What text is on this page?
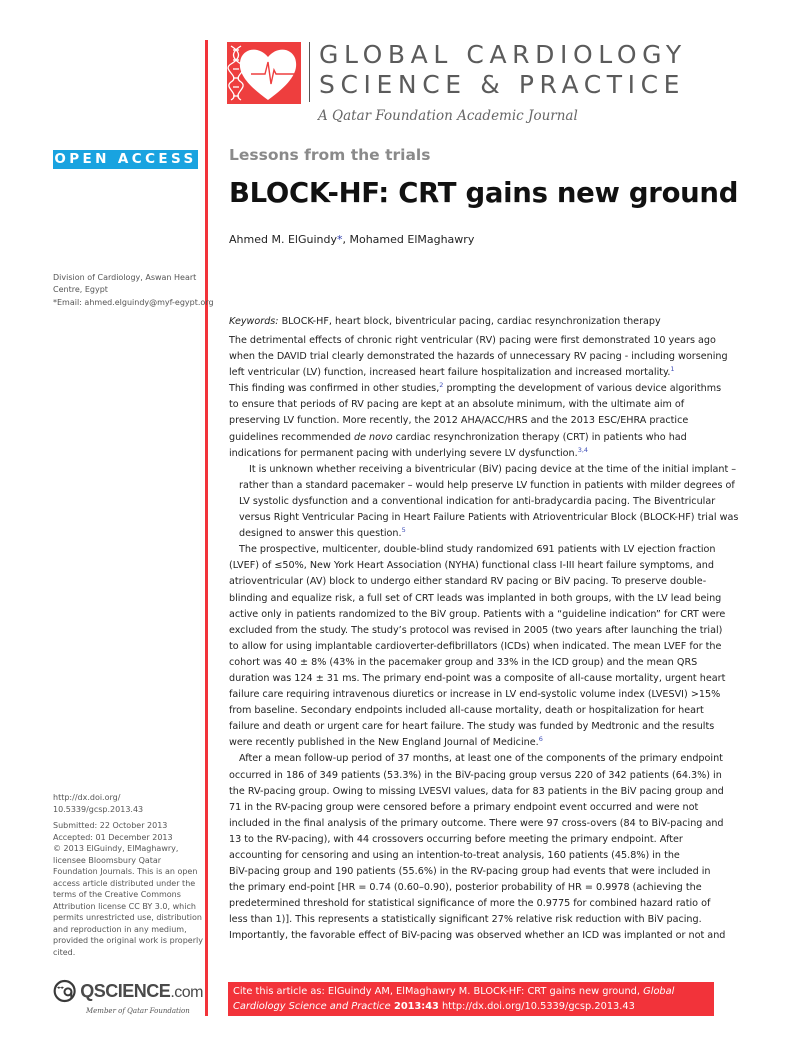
GLOBAL CARDIOLOGY
SCIENCE & PRACTICE
A Qatar Foundation Academic Journal
OPEN ACCESS
Division of Cardiology, Aswan Heart Centre, Egypt
*Email: ahmed.elguindy@myf-egypt.org
http://dx.doi.org/
10.5339/gcsp.2013.43
Submitted: 22 October 2013
Accepted: 01 December 2013
© 2013 ElGuindy, ElMaghawry, licensee Bloomsbury Qatar Foundation Journals. This is an open access article distributed under the terms of the Creative Commons Attribution license CC BY 3.0, which permits unrestricted use, distribution and reproduction in any medium, provided the original work is properly cited.
QSCIENCE.com
Member of Qatar Foundation
Lessons from the trials
BLOCK-HF: CRT gains new ground
Ahmed M. ElGuindy*, Mohamed ElMaghawry
Keywords: BLOCK-HF, heart block, biventricular pacing, cardiac resynchronization therapy

The detrimental effects of chronic right ventricular (RV) pacing were first demonstrated 10 years ago
when the DAVID trial clearly demonstrated the hazards of unnecessary RV pacing - including worsening
left ventricular (LV) function, increased heart failure hospitalization and increased mortality.$^1$
This finding was confirmed in other studies,$^2$ prompting the development of various device algorithms
to ensure that periods of RV pacing are kept at an absolute minimum, with the ultimate aim of
preserving LV function. More recently, the 2012 AHA/ACC/HRS and the 2013 ESC/EHRA practice
guidelines recommended de novo cardiac resynchronization therapy (CRT) in patients who had
indications for permanent pacing with underlying severe LV dysfunction.$^{3,4}$

It is unknown whether receiving a biventricular (BiV) pacing device at the time of the initial implant –
rather than a standard pacemaker – would help preserve LV function in patients with milder degrees of
LV systolic dysfunction and a conventional indication for anti-bradycardia pacing. The Biventricular
versus Right Ventricular Pacing in Heart Failure Patients with Atrioventricular Block (BLOCK-HF) trial was
designed to answer this question.$^5$

The prospective, multicenter, double-blind study randomized 691 patients with LV ejection fraction
(LVEF) of ≤50%, New York Heart Association (NYHA) functional class I-III heart failure symptoms, and
atrioventricular (AV) block to undergo either standard RV pacing or BiV pacing. To preserve double-
blinding and equalize risk, a full set of CRT leads was implanted in both groups, with the LV lead being
active only in patients randomized to the BiV group. Patients with a “guideline indication” for CRT were
excluded from the study. The study’s protocol was revised in 2005 (two years after launching the trial)
to allow for using implantable cardioverter-defibrillators (ICDs) when indicated. The mean LVEF for the
cohort was 40 ± 8% (43% in the pacemaker group and 33% in the ICD group) and the mean QRS
duration was 124 ± 31 ms. The primary end-point was a composite of all-cause mortality, urgent heart
failure care requiring intravenous diuretics or increase in LV end-systolic volume index (LVESVI) >15%
from baseline. Secondary endpoints included all-cause mortality, death or hospitalization for heart
failure and death or urgent care for heart failure. The study was funded by Medtronic and the results
were recently published in the New England Journal of Medicine.$^6$

After a mean follow-up period of 37 months, at least one of the components of the primary endpoint
occurred in 186 of 349 patients (53.3%) in the BiV-pacing group versus 220 of 342 patients (64.3%) in
the RV-pacing group. Owing to missing LVESVI values, data for 83 patients in the BiV pacing group and
71 in the RV-pacing group were censored before a primary endpoint event occurred and were not
included in the final analysis of the primary outcome. There were 97 cross-overs (84 to BiV-pacing and
13 to the RV-pacing), with 44 crossovers occurring before meeting the primary endpoint. After
accounting for censoring and using an intention-to-treat analysis, 160 patients (45.8%) in the
BiV-pacing group and 190 patients (55.6%) in the RV-pacing group had events that were included in
the primary end-point [HR = 0.74 (0.60–0.90), posterior probability of HR = 0.9978 (achieving the
predetermined threshold for statistical significance of more the 0.9775 for combined hazard ratio of
less than 1)]. This represents a statistically significant 27% relative risk reduction with BiV pacing.
Importantly, the favorable effect of BiV-pacing was observed whether an ICD was implanted or not and

Cite this article as: ElGuindy AM, ElMaghawry M. BLOCK-HF: CRT gains new ground, Global
Cardiology Science and Practice 2013:43 http://dx.doi.org/10.5339/gcsp.2013.43
